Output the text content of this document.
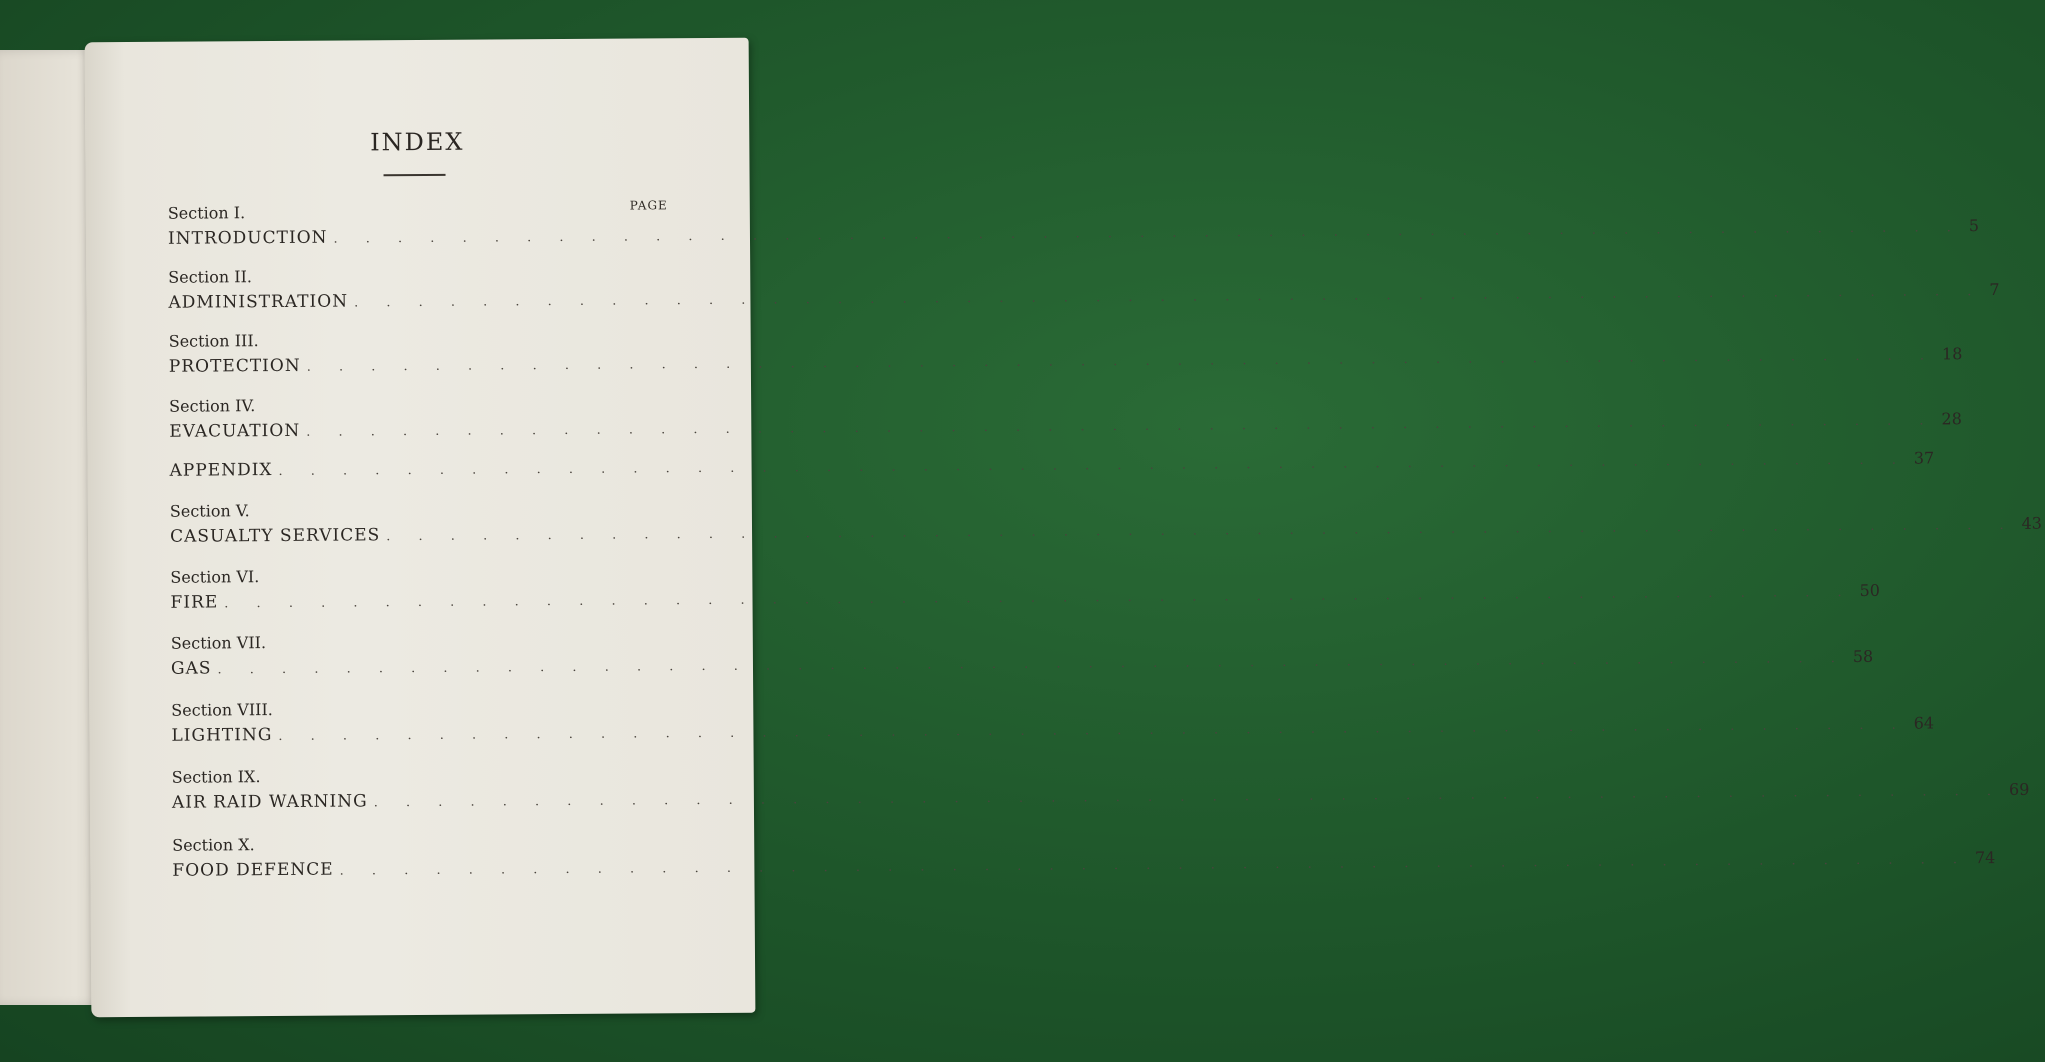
INDEX
PAGE
Section I.
INTRODUCTION . . . . . . . . . . . . . . . . . . . . . . . . . . . . . . . . . . . . . . . . . . . . . . . . . . . 5
Section II.
ADMINISTRATION . . . . . . . . . . . . . . . . . . . . . . . . . . . . . . . . . . . . . . . . . . . . . . . . . . . 7
Section III.
PROTECTION . . . . . . . . . . . . . . . . . . . . . . . . . . . . . . . . . . . . . . . . . . . . . . . . . . . 18
Section IV.
EVACUATION . . . . . . . . . . . . . . . . . . . . . . . . . . . . . . . . . . . . . . . . . . . . . . . . . . . 28
APPENDIX . . . . . . . . . . . . . . . . . . . . . . . . . . . . . . . . . . . . . . . . . . . . . . . . . . . 37
Section V.
CASUALTY SERVICES . . . . . . . . . . . . . . . . . . . . . . . . . . . . . . . . . . . . . . . . . . . . . . . . . . . 43
Section VI.
FIRE . . . . . . . . . . . . . . . . . . . . . . . . . . . . . . . . . . . . . . . . . . . . . . . . . . . 50
Section VII.
GAS . . . . . . . . . . . . . . . . . . . . . . . . . . . . . . . . . . . . . . . . . . . . . . . . . . . 58
Section VIII.
LIGHTING . . . . . . . . . . . . . . . . . . . . . . . . . . . . . . . . . . . . . . . . . . . . . . . . . . . 64
Section IX.
AIR RAID WARNING . . . . . . . . . . . . . . . . . . . . . . . . . . . . . . . . . . . . . . . . . . . . . . . . . . . 69
Section X.
FOOD DEFENCE . . . . . . . . . . . . . . . . . . . . . . . . . . . . . . . . . . . . . . . . . . . . . . . . . . . 74
